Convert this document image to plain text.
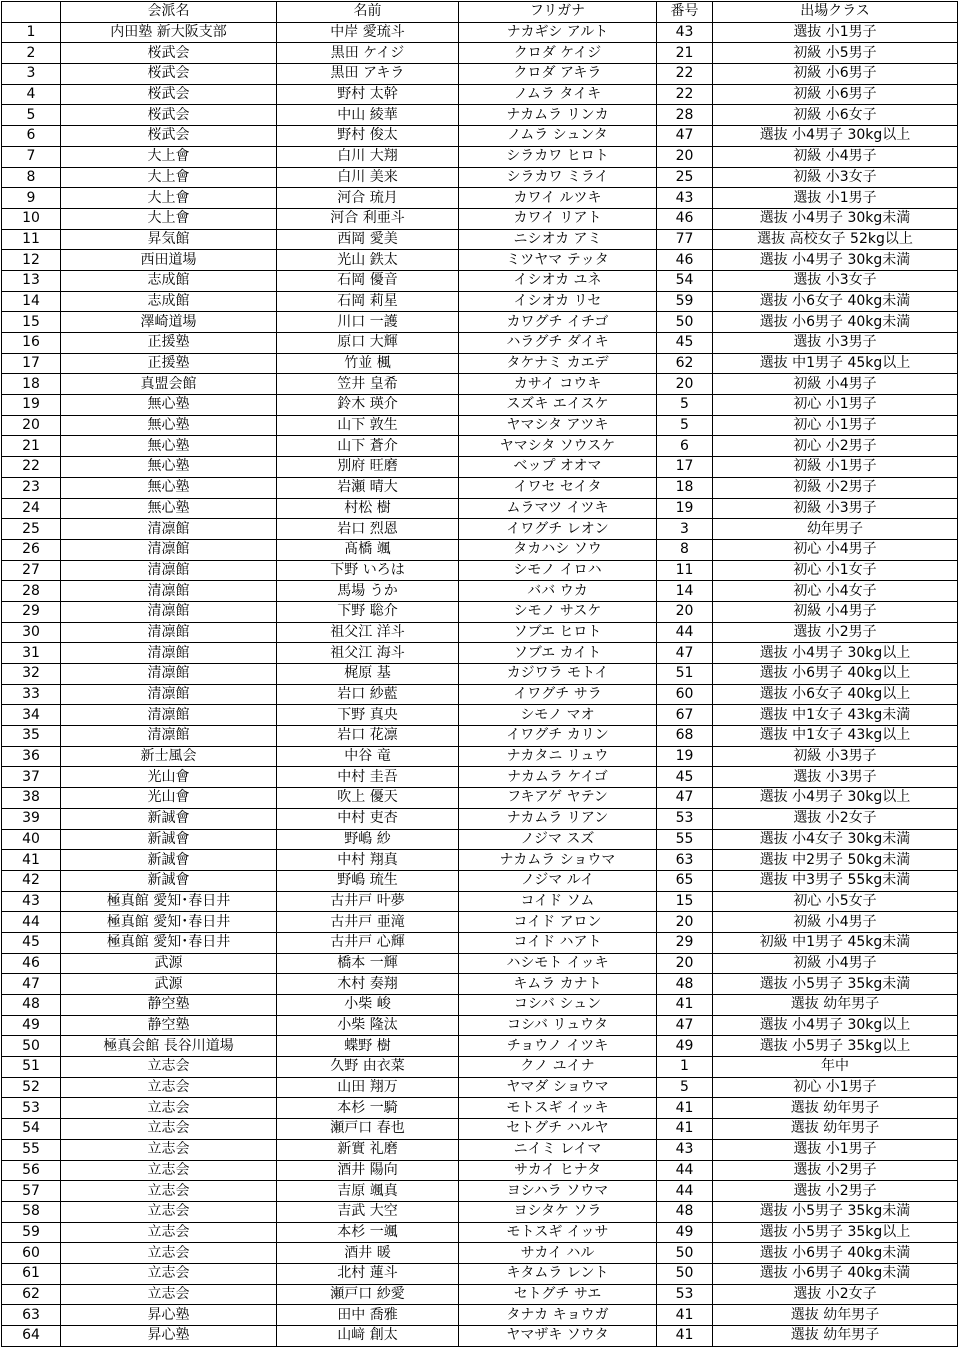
	会派名	名前	フリガナ	番号	出場クラス
1	内田塾 新大阪支部	中岸 愛琉斗	ナカギシ アルト	43	選抜 小1男子
2	桜武会	黒田 ケイジ	クロダ ケイジ	21	初級 小5男子
3	桜武会	黒田 アキラ	クロダ アキラ	22	初級 小6男子
4	桜武会	野村 太幹	ノムラ タイキ	22	初級 小6男子
5	桜武会	中山 綾華	ナカムラ リンカ	28	初級 小6女子
6	桜武会	野村 俊太	ノムラ シュンタ	47	選抜 小4男子 30kg以上
7	大上會	白川 大翔	シラカワ ヒロト	20	初級 小4男子
8	大上會	白川 美来	シラカワ ミライ	25	初級 小3女子
9	大上會	河合 琉月	カワイ ルツキ	43	選抜 小1男子
10	大上會	河合 利亜斗	カワイ リアト	46	選抜 小4男子 30kg未満
11	昇気館	西岡 愛美	ニシオカ アミ	77	選抜 高校女子 52kg以上
12	西田道場	光山 鉄太	ミツヤマ テッタ	46	選抜 小4男子 30kg未満
13	志成館	石岡 優音	イシオカ ユネ	54	選抜 小3女子
14	志成館	石岡 莉星	イシオカ リセ	59	選抜 小6女子 40kg未満
15	澤崎道場	川口 一護	カワグチ イチゴ	50	選抜 小6男子 40kg未満
16	正援塾	原口 大輝	ハラグチ ダイキ	45	選抜 小3男子
17	正援塾	竹並 楓	タケナミ カエデ	62	選抜 中1男子 45kg以上
18	真盟会館	笠井 皇希	カサイ コウキ	20	初級 小4男子
19	無心塾	鈴木 瑛介	スズキ エイスケ	5	初心 小1男子
20	無心塾	山下 敦生	ヤマシタ アツキ	5	初心 小1男子
21	無心塾	山下 蒼介	ヤマシタ ソウスケ	6	初心 小2男子
22	無心塾	別府 旺磨	ベップ オオマ	17	初級 小1男子
23	無心塾	岩瀬 晴大	イワセ セイタ	18	初級 小2男子
24	無心塾	村松 樹	ムラマツ イツキ	19	初級 小3男子
25	清凛館	岩口 烈恩	イワグチ レオン	3	幼年男子
26	清凛館	髙橋 颯	タカハシ ソウ	8	初心 小4男子
27	清凛館	下野 いろは	シモノ イロハ	11	初心 小1女子
28	清凛館	馬場 うか	ババ ウカ	14	初心 小4女子
29	清凛館	下野 聡介	シモノ サスケ	20	初級 小4男子
30	清凛館	祖父江 洋斗	ソブエ ヒロト	44	選抜 小2男子
31	清凛館	祖父江 海斗	ソブエ カイト	47	選抜 小4男子 30kg以上
32	清凛館	梶原 基	カジワラ モトイ	51	選抜 小6男子 40kg以上
33	清凛館	岩口 紗藍	イワグチ サラ	60	選抜 小6女子 40kg以上
34	清凛館	下野 真央	シモノ マオ	67	選抜 中1女子 43kg未満
35	清凛館	岩口 花凛	イワグチ カリン	68	選抜 中1女子 43kg以上
36	新士風会	中谷 竜	ナカタニ リュウ	19	初級 小3男子
37	光山會	中村 圭吾	ナカムラ ケイゴ	45	選抜 小3男子
38	光山會	吹上 優天	フキアゲ ヤテン	47	選抜 小4男子 30kg以上
39	新誠會	中村 吏杏	ナカムラ リアン	53	選抜 小2女子
40	新誠會	野嶋 紗	ノジマ スズ	55	選抜 小4女子 30kg未満
41	新誠會	中村 翔真	ナカムラ ショウマ	63	選抜 中2男子 50kg未満
42	新誠會	野嶋 琉生	ノジマ ルイ	65	選抜 中3男子 55kg未満
43	極真館 愛知･春日井	古井戸 叶夢	コイド ソム	15	初心 小5女子
44	極真館 愛知･春日井	古井戸 亜滝	コイド アロン	20	初級 小4男子
45	極真館 愛知･春日井	古井戸 心輝	コイド ハアト	29	初級 中1男子 45kg未満
46	武源	橋本 一輝	ハシモト イッキ	20	初級 小4男子
47	武源	木村 奏翔	キムラ カナト	48	選抜 小5男子 35kg未満
48	静空塾	小柴 峻	コシバ シュン	41	選抜 幼年男子
49	静空塾	小柴 隆汰	コシバ リュウタ	47	選抜 小4男子 30kg以上
50	極真会館 長谷川道場	蝶野 樹	チョウノ イツキ	49	選抜 小5男子 35kg以上
51	立志会	久野 由衣菜	クノ ユイナ	1	年中
52	立志会	山田 翔万	ヤマダ ショウマ	5	初心 小1男子
53	立志会	本杉 一騎	モトスギ イッキ	41	選抜 幼年男子
54	立志会	瀬戸口 春也	セトグチ ハルヤ	41	選抜 幼年男子
55	立志会	新實 礼磨	ニイミ レイマ	43	選抜 小1男子
56	立志会	酒井 陽向	サカイ ヒナタ	44	選抜 小2男子
57	立志会	吉原 颯真	ヨシハラ ソウマ	44	選抜 小2男子
58	立志会	吉武 大空	ヨシタケ ソラ	48	選抜 小5男子 35kg未満
59	立志会	本杉 一颯	モトスギ イッサ	49	選抜 小5男子 35kg以上
60	立志会	酒井 暖	サカイ ハル	50	選抜 小6男子 40kg未満
61	立志会	北村 蓮斗	キタムラ レント	50	選抜 小6男子 40kg未満
62	立志会	瀬戸口 紗愛	セトグチ サエ	53	選抜 小2女子
63	昇心塾	田中 喬雅	タナカ キョウガ	41	選抜 幼年男子
64	昇心塾	山﨑 創太	ヤマザキ ソウタ	41	選抜 幼年男子
